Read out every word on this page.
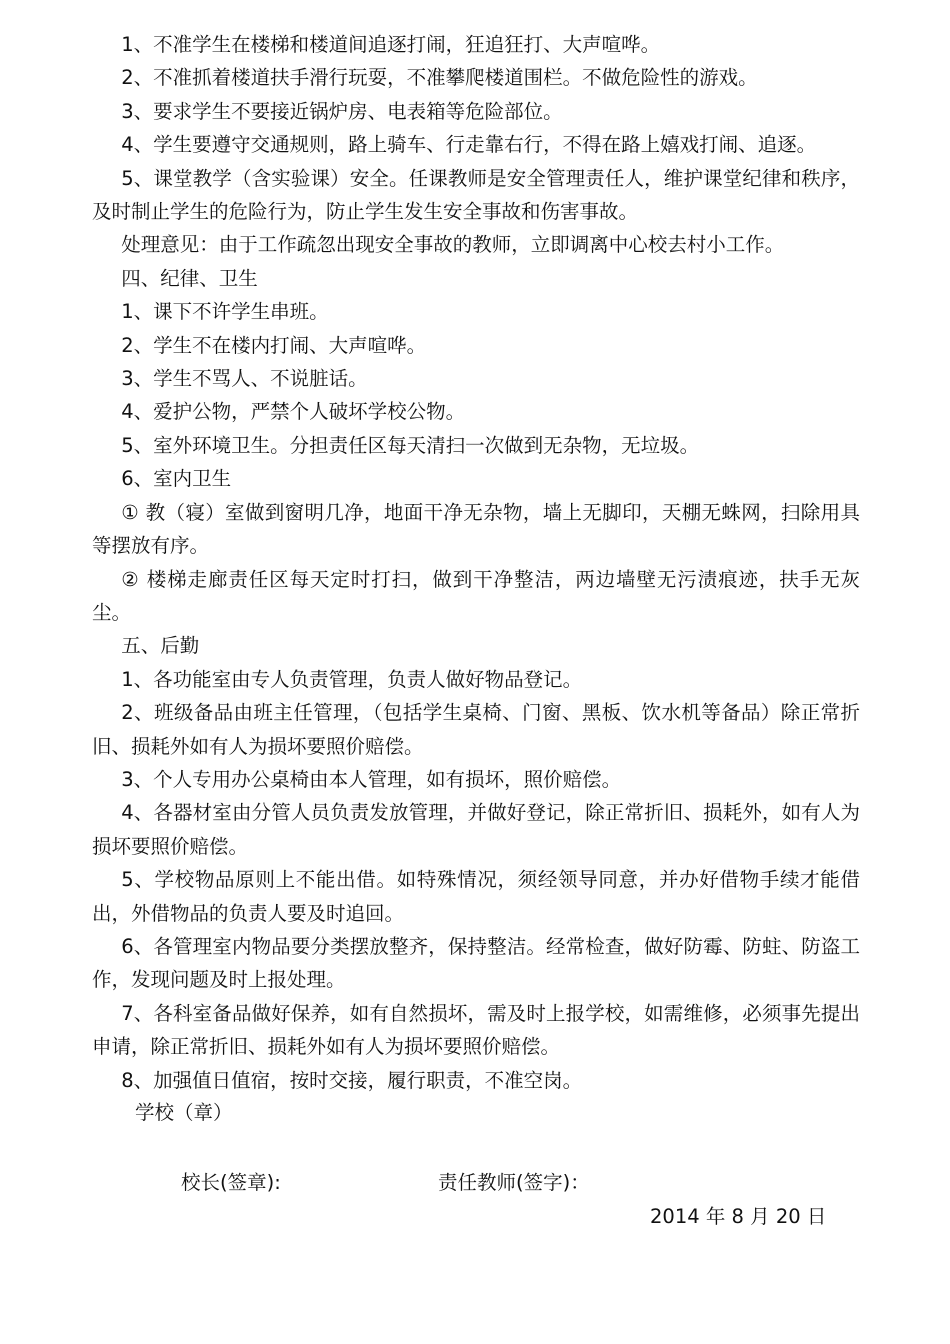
1、不准学生在楼梯和楼道间追逐打闹，狂追狂打、大声喧哗。

2、不准抓着楼道扶手滑行玩耍，不准攀爬楼道围栏。不做危险性的游戏。

3、要求学生不要接近锅炉房、电表箱等危险部位。

4、学生要遵守交通规则，路上骑车、行走靠右行，不得在路上嬉戏打闹、追逐。

5、课堂教学（含实验课）安全。任课教师是安全管理责任人，维护课堂纪律和秩序，及时制止学生的危险行为，防止学生发生安全事故和伤害事故。

处理意见：由于工作疏忽出现安全事故的教师，立即调离中心校去村小工作。

四、纪律、卫生

1、课下不许学生串班。

2、学生不在楼内打闹、大声喧哗。

3、学生不骂人、不说脏话。

4、爱护公物，严禁个人破坏学校公物。

5、室外环境卫生。分担责任区每天清扫一次做到无杂物，无垃圾。

6、室内卫生

① 教（寝）室做到窗明几净，地面干净无杂物，墙上无脚印，天棚无蛛网，扫除用具等摆放有序。

② 楼梯走廊责任区每天定时打扫，做到干净整洁，两边墙壁无污渍痕迹，扶手无灰尘。

五、后勤

1、各功能室由专人负责管理，负责人做好物品登记。

2、班级备品由班主任管理，（包括学生桌椅、门窗、黑板、饮水机等备品）除正常折旧、损耗外如有人为损坏要照价赔偿。

3、个人专用办公桌椅由本人管理，如有损坏，照价赔偿。

4、各器材室由分管人员负责发放管理，并做好登记，除正常折旧、损耗外，如有人为损坏要照价赔偿。

5、学校物品原则上不能出借。如特殊情况，须经领导同意，并办好借物手续才能借出，外借物品的负责人要及时追回。

6、各管理室内物品要分类摆放整齐，保持整洁。经常检查，做好防霉、防蛀、防盗工作，发现问题及时上报处理。

7、各科室备品做好保养，如有自然损坏，需及时上报学校，如需维修，必须事先提出申请，除正常折旧、损耗外如有人为损坏要照价赔偿。

8、加强值日值宿，按时交接，履行职责，不准空岗。

学校（章）
校长(签章):	责任教师(签字)：
2014 年 8 月 20 日
